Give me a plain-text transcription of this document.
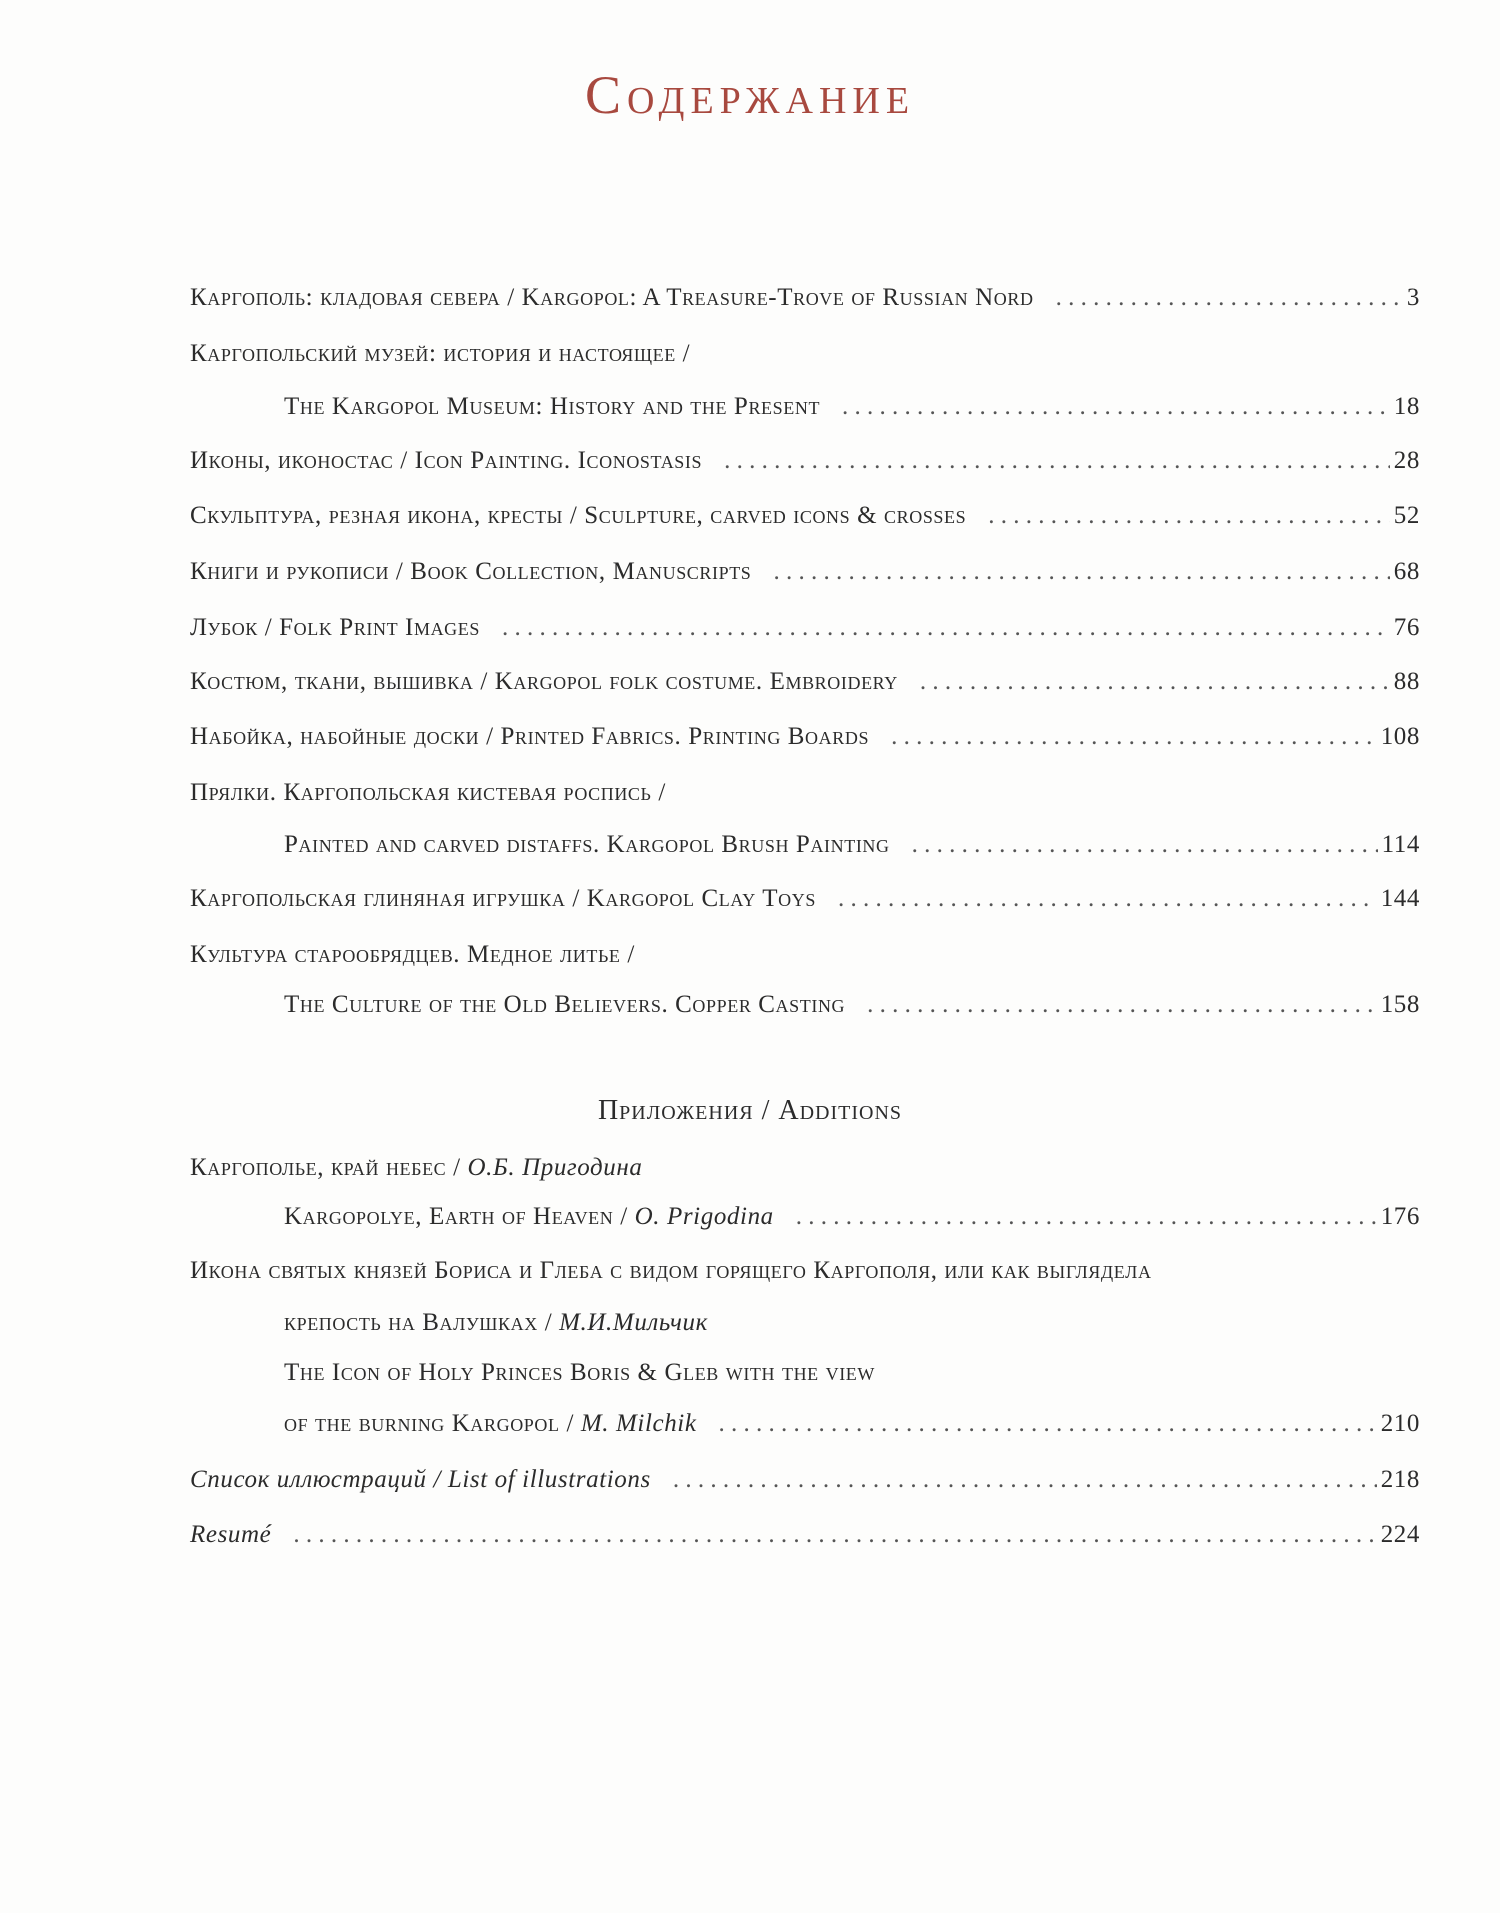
Содержание
Каргополь: кладовая севера / Kargopol: A Treasure-Trove of Russian Nord . . .	3
Каргопольский музей: история и настоящее /
The Kargopol Museum: History and the Present . . .	18
Иконы, иконостас / Icon Painting. Iconostasis . . .	28
Скульптура, резная икона, кресты / Sculpture, carved icons & crosses . . .	52
Книги и рукописи / Book Collection, Manuscripts . . .	68
Лубок / Folk Print Images . . .	76
Костюм, ткани, вышивка / Kargopol folk costume. Embroidery . . .	88
Набойка, набойные доски / Printed Fabrics. Printing Boards . . .	108
Прялки. Каргопольская кистевая роспись /
Painted and carved distaffs. Kargopol Brush Painting . . .	114
Каргопольская глиняная игрушка / Kargopol Clay Toys . . .	144
Культура старообрядцев. Медное литье /
The Culture of the Old Believers. Copper Casting . . .	158
Приложения / Additions
Каргополье, край небес / О.Б. Пригодина
Kargopolye, Earth of Heaven / O. Prigodina . . .	176
Икона святых князей Бориса и Глеба с видом горящего Каргополя, или как выглядела
крепость на Валушках / М.И.Мильчик
The Icon of Holy Princes Boris & Gleb with the view
of the burning Kargopol / M. Milchik . . .	210
Список иллюстраций / List of illustrations . . .	218
Resumé . . .	224
